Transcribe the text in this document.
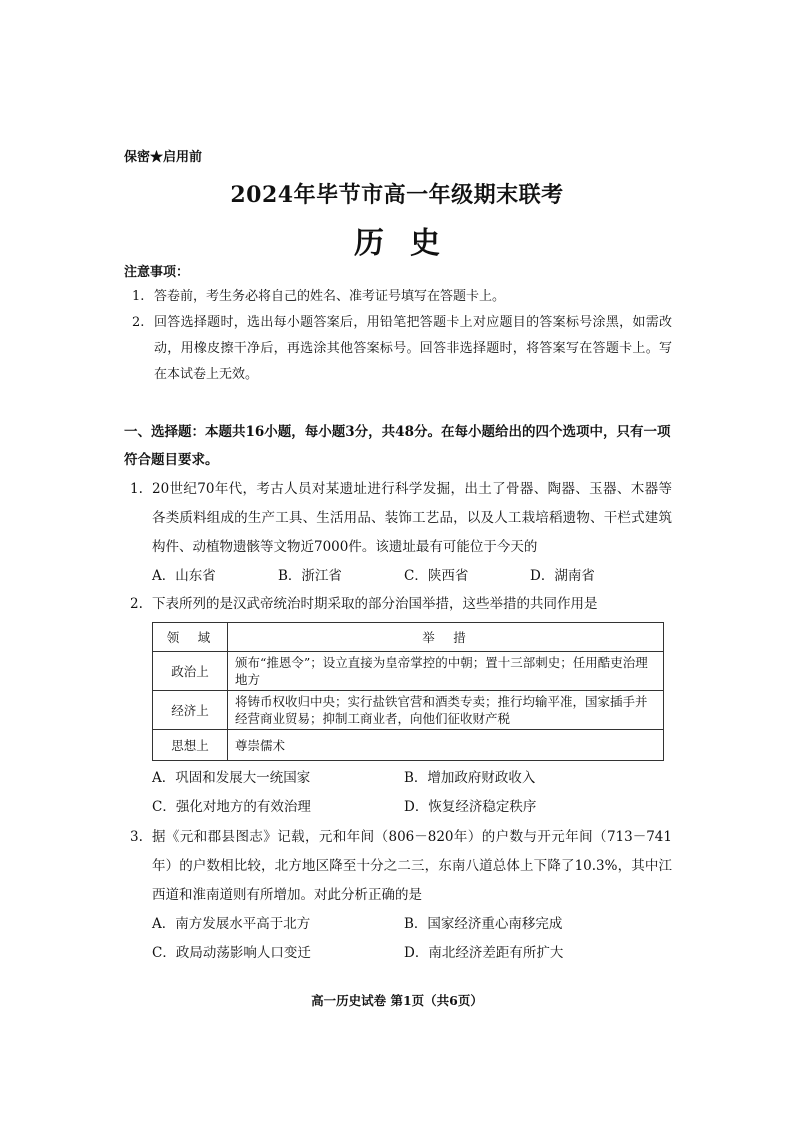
保密★启用前
2024年毕节市高一年级期末联考
历史
注意事项：
1. 答卷前，考生务必将自己的姓名、准考证号填写在答题卡上。
2. 回答选择题时，选出每小题答案后，用铅笔把答题卡上对应题目的答案标号涂黑，如需改动，用橡皮擦干净后，再选涂其他答案标号。回答非选择题时，将答案写在答题卡上。写在本试卷上无效。
一、选择题：本题共16小题，每小题3分，共48分。在每小题给出的四个选项中，只有一项符合题目要求。
1. 20世纪70年代，考古人员对某遗址进行科学发掘，出土了骨器、陶器、玉器、木器等各类质料组成的生产工具、生活用品、装饰工艺品，以及人工栽培稻遗物、干栏式建筑构件、动植物遗骸等文物近7000件。该遗址最有可能位于今天的
A．山东省	B．浙江省	C．陕西省	D．湖南省
2. 下表所列的是汉武帝统治时期采取的部分治国举措，这些举措的共同作用是
领　域	举　措
政治上	颁布“推恩令”；设立直接为皇帝掌控的中朝；置十三部刺史；任用酷吏治理地方
经济上	将铸币权收归中央；实行盐铁官营和酒类专卖；推行均输平准，国家插手并经营商业贸易；抑制工商业者，向他们征收财产税
思想上	尊崇儒术
A．巩固和发展大一统国家	B．增加政府财政收入
C．强化对地方的有效治理	D．恢复经济稳定秩序
3. 据《元和郡县图志》记载，元和年间（806－820年）的户数与开元年间（713－741年）的户数相比较，北方地区降至十分之二三，东南八道总体上下降了10.3%，其中江西道和淮南道则有所增加。对此分析正确的是
A．南方发展水平高于北方	B．国家经济重心南移完成
C．政局动荡影响人口变迁	D．南北经济差距有所扩大
高一历史试卷 第1页（共6页）
